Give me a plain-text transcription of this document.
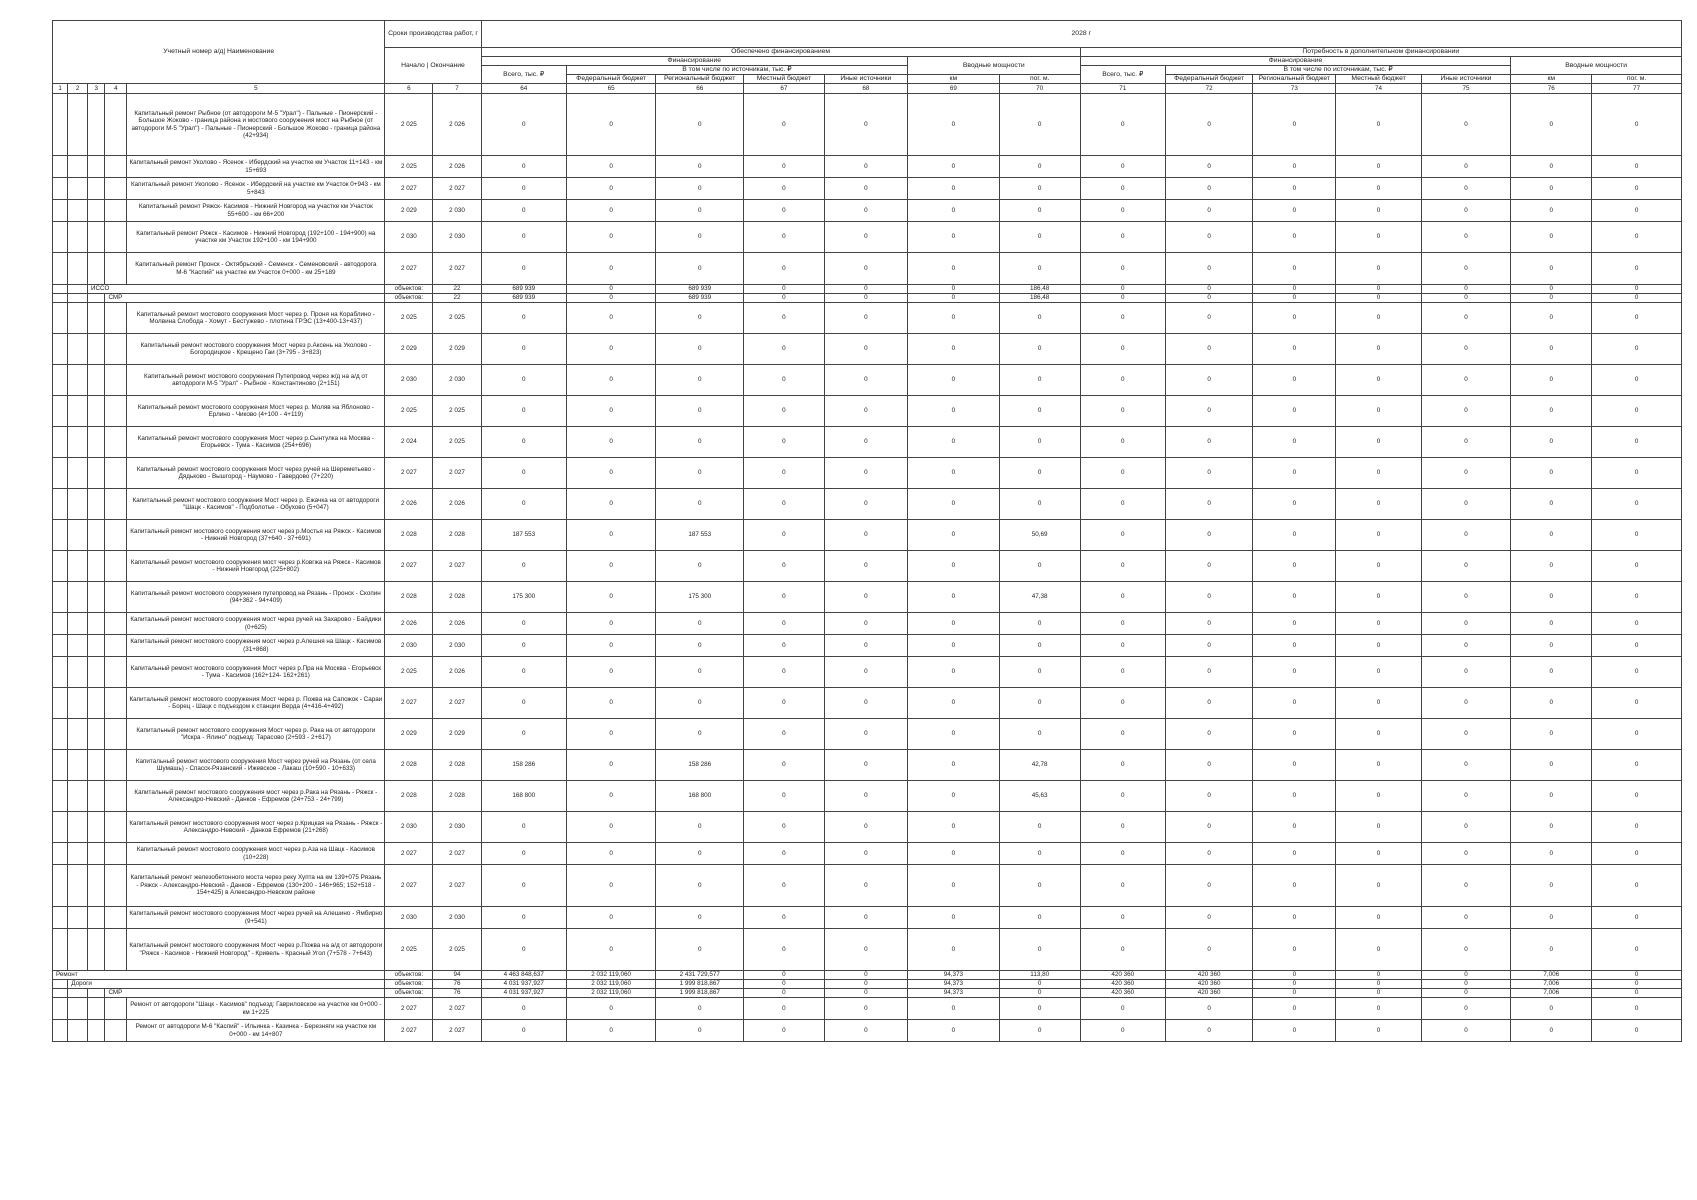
Учетный номер а/д| Наименование					Сроки производства работ, г		2028 г													
					Начало | Окончание		Обеспечено финансированием							Потребность в дополнительном финансировании						
							Финансирование					Вводные мощности		Финансирование					Вводные мощности	
							Всего, тыс. ₽	В том числе по источникам, тыс. ₽						Всего, тыс. ₽	В том числе по источникам, тыс. ₽					
								Федеральный бюджет	Региональный бюджет	Местный бюджет	Иные источники	км	пог. м.		Федеральный бюджет	Региональный бюджет	Местный бюджет	Иные источники	км	пог. м.
1	2	3	4	5	6	7	64	65	66	67	68	69	70	71	72	73	74	75	76	77
				Капитальный ремонт Рыбное (от автодороги М-5 "Урал") - Пальные - Пионерский - Большое Жоково - граница района и мостового сооружения мост на Рыбное (от автодороги М-5 "Урал") - Пальные - Пионерский - Большое Жоково - граница района (42+934)	2 025	2 026	0	0	0	0	0	0	0	0	0	0	0	0	0	0
				Капитальный ремонт Уколово - Ясенок - Ибердский на участке км Участок 11+143 - км 15+693	2 025	2 026	0	0	0	0	0	0	0	0	0	0	0	0	0	0
				Капитальный ремонт Уколово - Ясенок - Ибердский на участке км Участок 0+943 - км 5+843	2 027	2 027	0	0	0	0	0	0	0	0	0	0	0	0	0	0
				Капитальный ремонт Ряжск- Касимов - Нижний Новгород на участке км Участок 55+600 - км 66+200	2 029	2 030	0	0	0	0	0	0	0	0	0	0	0	0	0	0
				Капитальный ремонт Ряжск - Касимов - Нижний Новгород (192+100 - 194+900) на участке км Участок 192+100 - км 194+900	2 030	2 030	0	0	0	0	0	0	0	0	0	0	0	0	0	0
				Капитальный ремонт Пронск - Октябрьский - Семенск - Семеновский - автодорога М-6 "Каспий" на участке км Участок 0+000 - км 25+189	2 027	2 027	0	0	0	0	0	0	0	0	0	0	0	0	0	0
		ИССО			объектов:	22	689 939	0	689 939	0	0	0	186,48	0	0	0	0	0	0	0
			СМР		объектов:	22	689 939	0	689 939	0	0	0	186,48	0	0	0	0	0	0	0
				Капитальный ремонт мостового сооружения Мост через р. Проня на Кораблино - Молвина Слобода - Хомут - Бестужево - плотина ГРЭС (13+400-13+437)	2 025	2 025	0	0	0	0	0	0	0	0	0	0	0	0	0	0
				Капитальный ремонт мостового сооружения Мост через р.Аксень на Уколово - Богородицкое - Крещено Гаи (3+795 - 3+823)	2 029	2 029	0	0	0	0	0	0	0	0	0	0	0	0	0	0
				Капитальный ремонт мостового сооружения Путепровод через ж/д на а/д от автодороги М-5 "Урал" - Рыбное - Константиново (2+151)	2 030	2 030	0	0	0	0	0	0	0	0	0	0	0	0	0	0
				Капитальный ремонт мостового сооружения Мост через р. Моляв на Яблоново - Ерлино - Чиково (4+100 - 4+119)	2 025	2 025	0	0	0	0	0	0	0	0	0	0	0	0	0	0
				Капитальный ремонт мостового сооружения Мост через р.Сынтулка на Москва - Егорьевск - Тума - Касимов (254+696)	2 024	2 025	0	0	0	0	0	0	0	0	0	0	0	0	0	0
				Капитальный ремонт мостового сооружения Мост через ручей на Шереметьево - Дядьково - Вышгород - Наумово - Гавердово (7+220)	2 027	2 027	0	0	0	0	0	0	0	0	0	0	0	0	0	0
				Капитальный ремонт мостового сооружения Мост через р. Ежачка на от автодороги "Шацк - Касимов" - Подболотье - Обухово (5+047)	2 026	2 026	0	0	0	0	0	0	0	0	0	0	0	0	0	0
				Капитальный ремонт мостового сооружения мост через р.Мостья на Ряжск - Касимов - Нижний Новгород (37+640 - 37+691)	2 028	2 028	187 553	0	187 553	0	0	0	50,69	0	0	0	0	0	0	0
				Капитальный ремонт мостового сооружения мост через р.Ковгжа на Ряжск - Касимов - Нижний Новгород (225+802)	2 027	2 027	0	0	0	0	0	0	0	0	0	0	0	0	0	0
				Капитальный ремонт мостового сооружения путепровод на Рязань - Пронск - Скопин (94+362 - 94+409)	2 028	2 028	175 300	0	175 300	0	0	0	47,38	0	0	0	0	0	0	0
				Капитальный ремонт мостового сооружения мост через ручей на Захарово - Байдики (0+625)	2 026	2 026	0	0	0	0	0	0	0	0	0	0	0	0	0	0
				Капитальный ремонт мостового сооружения мост через р.Алешня на Шацк - Касимов (31+868)	2 030	2 030	0	0	0	0	0	0	0	0	0	0	0	0	0	0
				Капитальный ремонт мостового сооружения Мост через р.Пра на Москва - Егорьевск - Тума - Касимов (162+124- 162+261)	2 025	2 026	0	0	0	0	0	0	0	0	0	0	0	0	0	0
				Капитальный ремонт мостового сооружения Мост через р. Пожва на Сапожок - Сараи - Борец - Шацк с подъездом к станции Верда (4+416-4+492)	2 027	2 027	0	0	0	0	0	0	0	0	0	0	0	0	0	0
				Капитальный ремонт мостового сооружения Мост через р. Рака на от автодороги "Искра - Ялино" подъезд: Тарасово (2+593 - 2+617)	2 029	2 029	0	0	0	0	0	0	0	0	0	0	0	0	0	0
				Капитальный ремонт мостового сооружения Мост через ручей на Рязань (от села Шумашь) - Спасск-Рязанский - Ижевское - Лакаш (10+590 - 10+633)	2 028	2 028	158 286	0	158 286	0	0	0	42,78	0	0	0	0	0	0	0
				Капитальный ремонт мостового сооружения мост через р.Рака на Рязань - Ряжск - Александро-Невский - Данков - Ефремов (24+753 - 24+799)	2 028	2 028	168 800	0	168 800	0	0	0	45,63	0	0	0	0	0	0	0
				Капитальный ремонт мостового сооружения мост через р.Крицкая на Рязань - Ряжск - Александро-Невский - Данков Ефремов (21+268)	2 030	2 030	0	0	0	0	0	0	0	0	0	0	0	0	0	0
				Капитальный ремонт мостового сооружения мост через р.Аза на Шацк - Касимов (10+228)	2 027	2 027	0	0	0	0	0	0	0	0	0	0	0	0	0	0
				Капитальный ремонт железобетонного моста через реку Хупта на км 139+075 Рязань - Ряжск - Александро-Невский - Данков - Ефремов (130+200 - 146+965; 152+518 - 154+425) в Александро-Невском районе	2 027	2 027	0	0	0	0	0	0	0	0	0	0	0	0	0	0
				Капитальный ремонт мостового сооружения Мост через ручей на Алешино - Ямбирно (9+541)	2 030	2 030	0	0	0	0	0	0	0	0	0	0	0	0	0	0
				Капитальный ремонт мостового сооружения Мост через р.Пожва на а/д от автодороги "Ряжск - Касимов - Нижний Новгород" - Кривель - Красный Угол (7+578 - 7+643)	2 025	2 025	0	0	0	0	0	0	0	0	0	0	0	0	0	0
Ремонт					объектов:	94	4 463 848,637	2 032 119,060	2 431 729,577	0	0	94,373	113,80	420 360	420 360	0	0	0	7,006	0
	Дороги				объектов:	76	4 031 937,927	2 032 119,060	1 999 818,867	0	0	94,373	0	420 360	420 360	0	0	0	7,006	0
			СМР		объектов:	76	4 031 937,927	2 032 119,060	1 999 818,867	0	0	94,373	0	420 360	420 360	0	0	0	7,006	0
				Ремонт от автодороги "Шацк - Касимов" подъезд: Гавриловское на участке км 0+000 - км 1+225	2 027	2 027	0	0	0	0	0	0	0	0	0	0	0	0	0	0
				Ремонт от автодороги М-6 "Каспий" - Ильинка - Казинка - Березняги на участке км 0+000 - км 14+807	2 027	2 027	0	0	0	0	0	0	0	0	0	0	0	0	0	0
